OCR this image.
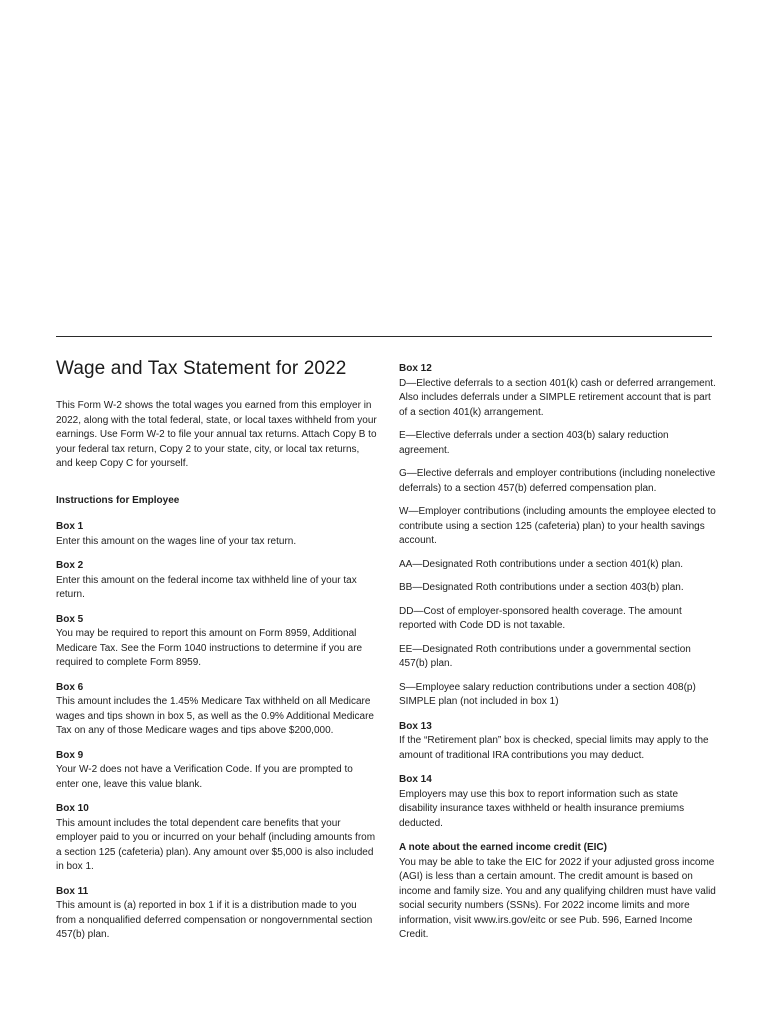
Wage and Tax Statement for 2022

This Form W-2 shows the total wages you earned from this employer in 2022, along with the total federal, state, or local taxes withheld from your earnings. Use Form W-2 to file your annual tax returns. Attach Copy B to your federal tax return, Copy 2 to your state, city, or local tax returns, and keep Copy C for yourself.

Instructions for Employee

Box 1

Enter this amount on the wages line of your tax return.

Box 2

Enter this amount on the federal income tax withheld line of your tax return.

Box 5

You may be required to report this amount on Form 8959, Additional Medicare Tax. See the Form 1040 instructions to determine if you are required to complete Form 8959.

Box 6

This amount includes the 1.45% Medicare Tax withheld on all Medicare wages and tips shown in box 5, as well as the 0.9% Additional Medicare Tax on any of those Medicare wages and tips above $200,000.

Box 9

Your W-2 does not have a Verification Code. If you are prompted to enter one, leave this value blank.

Box 10

This amount includes the total dependent care benefits that your employer paid to you or incurred on your behalf (including amounts from a section 125 (cafeteria) plan). Any amount over $5,000 is also included in box 1.

Box 11

This amount is (a) reported in box 1 if it is a distribution made to you from a nonqualified deferred compensation or nongovernmental section 457(b) plan.

Box 12

D—Elective deferrals to a section 401(k) cash or deferred arrangement. Also includes deferrals under a SIMPLE retirement account that is part of a section 401(k) arrangement.

E—Elective deferrals under a section 403(b) salary reduction agreement.

G—Elective deferrals and employer contributions (including nonelective deferrals) to a section 457(b) deferred compensation plan.

W—Employer contributions (including amounts the employee elected to contribute using a section 125 (cafeteria) plan) to your health savings account.

AA—Designated Roth contributions under a section 401(k) plan.

BB—Designated Roth contributions under a section 403(b) plan.

DD—Cost of employer-sponsored health coverage. The amount reported with Code DD is not taxable.

EE—Designated Roth contributions under a governmental section 457(b) plan.

S—Employee salary reduction contributions under a section 408(p) SIMPLE plan (not included in box 1)

Box 13

If the “Retirement plan” box is checked, special limits may apply to the amount of traditional IRA contributions you may deduct.

Box 14

Employers may use this box to report information such as state disability insurance taxes withheld or health insurance premiums deducted.

A note about the earned income credit (EIC)

You may be able to take the EIC for 2022 if your adjusted gross income (AGI) is less than a certain amount. The credit amount is based on income and family size. You and any qualifying children must have valid social security numbers (SSNs). For 2022 income limits and more information, visit www.irs.gov/eitc or see Pub. 596, Earned Income Credit.
